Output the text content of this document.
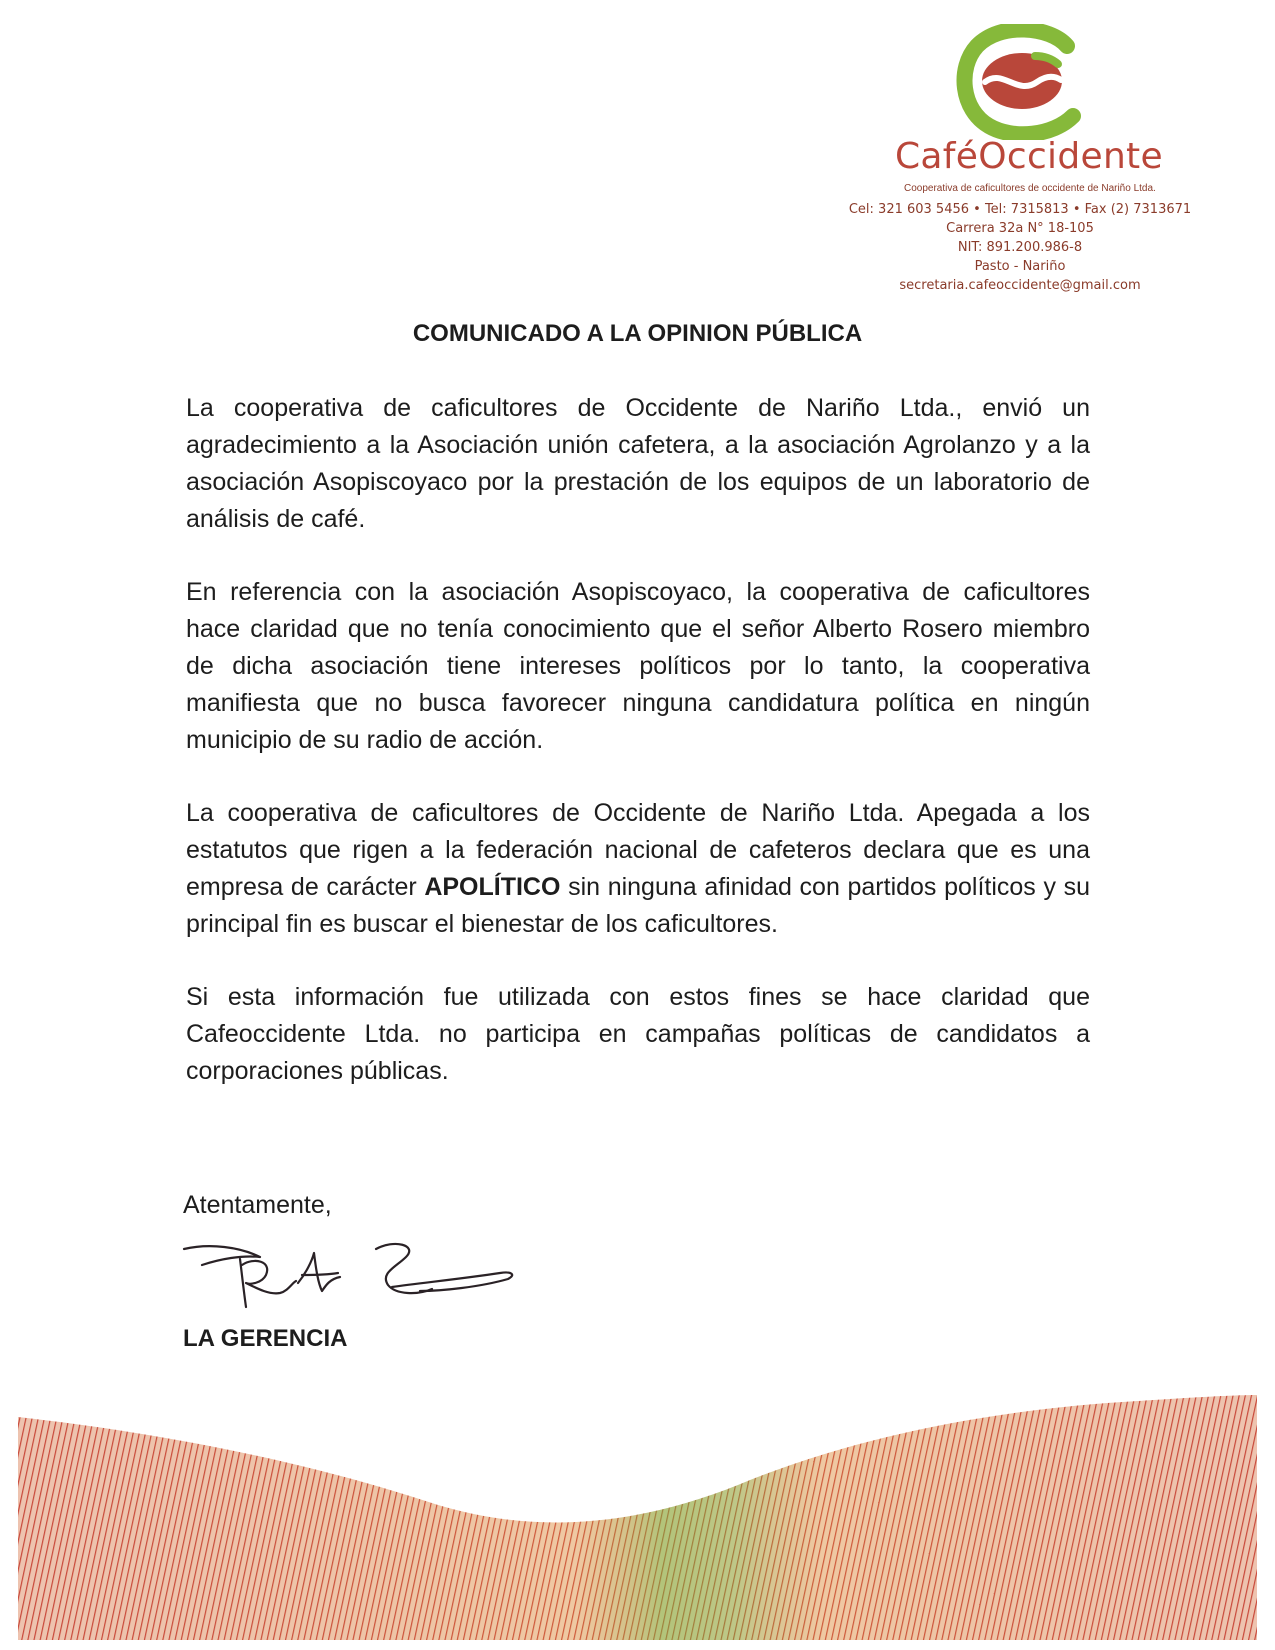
CaféOccidente
Cooperativa de caficultores de occidente de Nariño Ltda.
Cel: 321 603 5456 • Tel: 7315813 • Fax (2) 7313671
Carrera 32a N° 18-105
NIT: 891.200.986-8
Pasto - Nariño
secretaria.cafeoccidente@gmail.com
COMUNICADO A LA OPINION PÚBLICA

La cooperativa de caficultores de Occidente de Nariño Ltda., envió un agradecimiento a la Asociación unión cafetera, a la asociación Agrolanzo y a la asociación Asopiscoyaco por la prestación de los equipos de un laboratorio de análisis de café.

En referencia con la asociación Asopiscoyaco, la cooperativa de caficultores hace claridad que no tenía conocimiento que el señor Alberto Rosero miembro de dicha asociación tiene intereses políticos por lo tanto, la cooperativa manifiesta que no busca favorecer ninguna candidatura política en ningún municipio de su radio de acción.

La cooperativa de caficultores de Occidente de Nariño Ltda. Apegada a los estatutos que rigen a la federación nacional de cafeteros declara que es una empresa de carácter APOLÍTICO sin ninguna afinidad con partidos políticos y su principal fin es buscar el bienestar de los caficultores.

Si esta información fue utilizada con estos fines se hace claridad que Cafeoccidente Ltda. no participa en campañas políticas de candidatos a corporaciones públicas.

Atentamente,
LA GERENCIA
